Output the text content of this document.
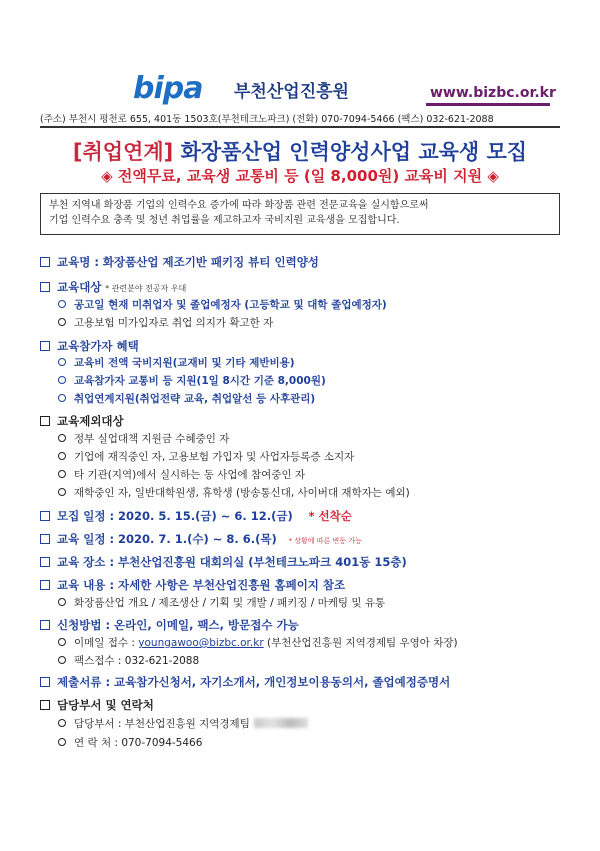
bipa 부천산업진흥원	www.bizbc.or.kr
(주소) 부천시 평천로 655, 401동 1503호(부천테크노파크) (전화) 070-7094-5466 (팩스) 032-621-2088
[취업연계] 화장품산업 인력양성사업 교육생 모집
◈ 전액무료, 교육생 교통비 등 (일 8,000원) 교육비 지원 ◈
부천 지역내 화장품 기업의 인력수요 증가에 따라 화장품 관련 전문교육을 실시함으로써
기업 인력수요 충족 및 청년 취업률을 제고하고자 국비지원 교육생을 모집합니다.
교육명 : 화장품산업 제조기반 패키징 뷰티 인력양성
교육대상 * 관련분야 전공자 우대
공고일 현재 미취업자 및 졸업예정자 (고등학교 및 대학 졸업예정자)
고용보험 미가입자로 취업 의지가 확고한 자
교육참가자 혜택
교육비 전액 국비지원(교재비 및 기타 제반비용)
교육참가자 교통비 등 지원(1일 8시간 기준 8,000원)
취업연계지원(취업전략 교육, 취업알선 등 사후관리)
교육제외대상
정부 실업대책 지원금 수혜중인 자
기업에 재직중인 자, 고용보험 가입자 및 사업자등록증 소지자
타 기관(지역)에서 실시하는 동 사업에 참여중인 자
재학중인 자, 일반대학원생, 휴학생 (방송통신대, 사이버대 재학자는 예외)
모집 일정 : 2020. 5. 15.(금) ~ 6. 12.(금) * 선착순
교육 일정 : 2020. 7. 1.(수) ~ 8. 6.(목) * 상황에 따른 변동 가능
교육 장소 : 부천산업진흥원 대회의실 (부천테크노파크 401동 15층)
교육 내용 : 자세한 사항은 부천산업진흥원 홈페이지 참조
화장품산업 개요 / 제조생산 / 기획 및 개발 / 패키징 / 마케팅 및 유통
신청방법 : 온라인, 이메일, 팩스, 방문접수 가능
이메일 접수 : youngawoo@bizbc.or.kr (부천산업진흥원 지역경제팀 우영아 차장)
팩스접수 : 032-621-2088
제출서류 : 교육참가신청서, 자기소개서, 개인정보이용동의서, 졸업예정증명서
담당부서 및 연락처
담당부서 : 부천산업진흥원 지역경제팀
연 락 처 : 070-7094-5466
